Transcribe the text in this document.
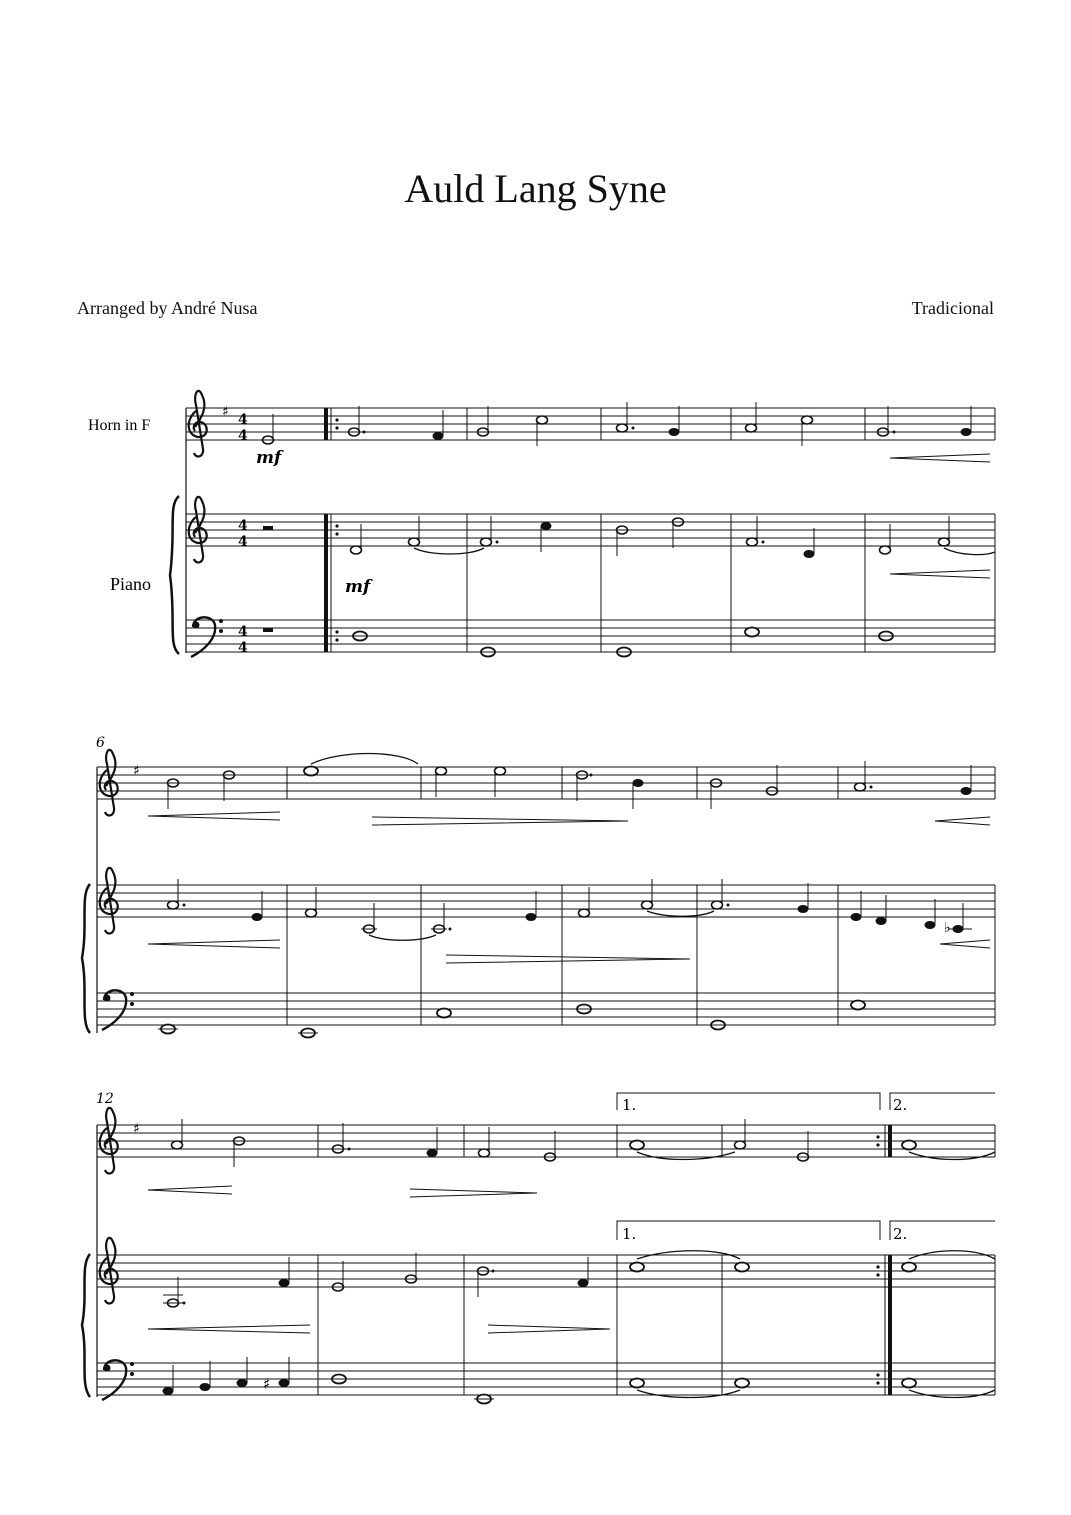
Auld Lang Syne
Arranged by André Nusa	Tradicional
Horn in F
Piano
♯ 4
4
4
4
4
4
mf
mf
6
♯
♭
12
♯
1.	2.
1.	2.
♯
